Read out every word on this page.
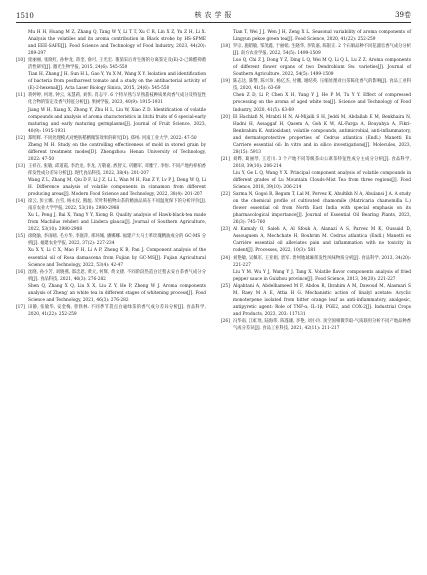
1510	核农学报	39卷
Mu H H, Huang M Z, Zhang Q, Tang W Y, Li T T, Xu C R, Lin X Z, Yu Z H, Li X. Analysis the volatiles and its aroma contribution in Black strobe by HS-SPME and EEE-SAFE[J]. Food Science and Technology of Food Industry, 2023, 44(20): 289-297
[10] 庞丽丽, 张晓红, 孙仲龙, 蒋奎, 俞可, 王光宏. 番茄采后青生菌的分离鉴定及(E)-2-己烯醛抑菌活性研究[J]. 激光生物学报, 2015, 24(6): 545-550
Tian H, Zhang J H, Sun H L, Gao Y, Yu X M, Wang X Y. Isolation and identification of bacteria from postharvest tomato and a study on the antibacterial activity of (E)-2-hexenal[J]. Acta Laser Biology Sinica, 2015, 24(6): 545-550
[11] 蒋婷婷, 何瑶, 钟云, 朱慧莉, 刘伟, 肖志宇. 6 个特早熟与早熟荔枝种质果肉香气成分及特征性化合物的鉴定及香气特征分析[J]. 果树学报, 2023, 40(9): 1915-1931
Jiang W H, Xiang X, Zhong Y, Zhu H L, Liu W, Xiao Z D. Identification of volatile compounds and analysis of aroma characteristics in litchi fruits of 6 special-early maturing and early maturing germplasms[J]. Journal of Fruit Science, 2023, 40(9): 1915-1931
[12] 郑明辉. 不同处理模式对绝肤稻精微鉴效果的研究[D]. 郑州: 河南工业大学, 2022: 47-50
Zheng M H. Study on the controlling effectiveness of mold in stored grain by different treatment modes[D]. Zhengzhou: Henan University of Technology, 2022: 47-50
[13] 王祥在, 张敏, 邱道霞, 李治龙, 李龙, 万敬嘉, 底智义, 巩鹏军, 邓雅宁, 李恒. 不同产地冉梓柏香挥发性成分差异分析[J]. 现代食品科技, 2022, 38(4): 201-207
Wang Z L, Zhang M, Qiu D F, Li J Z, Li L, Wan M H, Fan Z Y, Lv P J, Deng W Q, Li H. Difference analysis of volatile components in cinnamon from different producing areas[J]. Modern Food Science and Technology, 2022, 38(4): 201-207
[14] 徐云, 彭立娜, 白雪, 杨永仪, 熊彪. 荧叶科植物山茶的精油品质在不同温度保下的分析评价[J]. 南京农业大学学报, 2022, 53(10): 2980-2988
Xu L, Peng J, Bai X, Yang Y Y, Xiong B. Quality analysis of Hawk-black-tea made from Machilus rehderi and Lindera glauca[J]. Journal of Southern Agriculture, 2022, 53(10): 2980-2988
[15] 徐晓渝, 李雨晴, 毛方华, 李庭萍, 邢环城, 潘娜娜. 福建产大马士革玫瑰精油成分的 GC-MS 分析[J]. 福建农业学报, 2022, 37(2): 227-234
Xu X Y, Li C X, Mao F H, Li A P, Zheng K B, Pan J. Component analysis of the essential oil of Rosa damascena from Fujian by GC-MS[J]. Fujian Agricultural Science and Technology, 2022, 53(4): 42-47
[16] 沈晓, 孙小芳, 刘晓燕, 邵忠恩, 黄元, 何辉, 黄文捷. 不同阶段热造白过程去安白茶香气成分分析[J]. 食品科技, 2021, 46(3): 276-282
Shen Q, Zhang X Q, Liu X X, Liu Z Y, He P, Zheng W J. Aroma components analysis of Zheng' an white tea in different stages of whitening process[J]. Food Science and Technology, 2021, 46(3): 276-282
[17] 田静, 张敏华, 安金梅, 曾铁林. 不同季节袋点白毫绿茶的香气成分差异分析[J]. 食品科学, 2020, 41(22): 252-259
Tian T, Wei J J, Wen J H, Zeng X L. Seasonal variability of aroma components of Lingyun pekoe green tea[J]. Food Science, 2020, 41(22): 252-259
[18] 罗宗, 施昭敏, 邹茂鑫, 于丽娟, 生晓华, 李钦嘉, 陈银正. 2 个石斛品种不同花器官香气成分分析[J]. 南方农业学报, 2022, 54(5): 1499-1509
Luo Q, Chi Z J, Dong Y Z, Ding L Q, Wei M Q, Li Q L, Lu Z Z. Aroma components of different flower organs of two Dendrobium Sw. varieties[J]. Journal of Southern Agriculture, 2022, 54(5): 1499-1509
[19] 陈志达, 陈警, 陈兴珍, 杨亿杰, 付鹏, 谢结英. 压缩处理对白茶陈化香气的影响[J]. 食品工业科技, 2020, 41(5): 63-69
Chen Z D, Li P, Chen X H, Yang Y J, He P M, Tu Y Y. Effect of compressed processing on the aroma of aged white tea[J]. Science and Technology of Food Industry, 2020, 41(5): 63-69
[20] El Hachlafi N, Mrabti H N, Al-Mijalli S H, Jeddi M, Abdallah E M, Benkhaira N, Hadni H, Assaggaf H, Qasem A, Goh K W, AL-Farga A, Bouyahya A, Fikri-Benbrahim K. Antioxidant, volatile compounds, antimicrobial, anti-inflammatory, and dermatoprotective properties of Cedrus atlantica (Endl.) Manetti Ex Carriere essential oil: In vitro and in silico investigations[J]. Molecules, 2023, 28(15): 5913
[21] 刘晔, 葛丽琴, 王近川. 3 个产地不同等级茶山公寨茶特征性成分主成分分析[J]. 食品科学, 2018, 39(10): 206-214
Liu Y, Ge L Q, Wang Y X. Principal component analysis of volatile compounds in different grades of Lu Mountain Clouds-Mist Tea from three regions[J]. Food Science, 2018, 39(10): 206-214
[22] Sarma N, Gogoi R, Begum T, Lal M, Pervez K, Abultikh N A, Abulansi J A. A study on the chemical profile of cultivated chamomile (Matricaria chamomilla L.) flower essential oil from North East India with special emphasis on its pharmacological importance[J]. Journal of Essential Oil Bearing Plants, 2023, 26(3): 745-760
[23] Al Kamaly O, Saleh A, Al Sfouk A, Alanazi A S, Parvez M K, Oussaid D, Assouguem A, Mechchate H, Bouhrim M. Cedrus atlantica (Endl.) Manetti ex Carrière essential oil alleviates pain and inflammation with no toxicity in rodent[J]. Processes, 2022, 10(3): 581
[24] 刘艳敏, 吴佩军, 王亚娟, 唐军. 贵州地球麻挥发性风味物质分析[J]. 食品科学, 2013, 34(20): 221-227
Liu Y M, Wu Y J, Wang Y J, Tang X. Volatile flavor components analysis of fried pepper sauce in Guizhou province[J]. Food Science, 2013, 34(20): 221-227
[25] Alqahtani A, Abdelhameed M F, Abdou R, Ibrahim A M, Dawoud M, Alasmari S M, Raey M A E, Attia H G. Mechanistic action of linalyl acetate: Acyclic monoterpene isolated from bitter orange leaf as anti-inflammatory, analgesic, antipyretic agent: Role of TNF-α, IL-1β, PGE2, and COX-2[J]. Industrial Crops and Products, 2023, 203: 117131
[26] 冯华南, 江虹瑶, 陆海伟, 陈蓬雄, 李艳, 刘小玲. 顶空固相微萃取-气质联用分析不同产地品种香气成分差异[J]. 食品工业科技, 2021, 42(11): 211-217
